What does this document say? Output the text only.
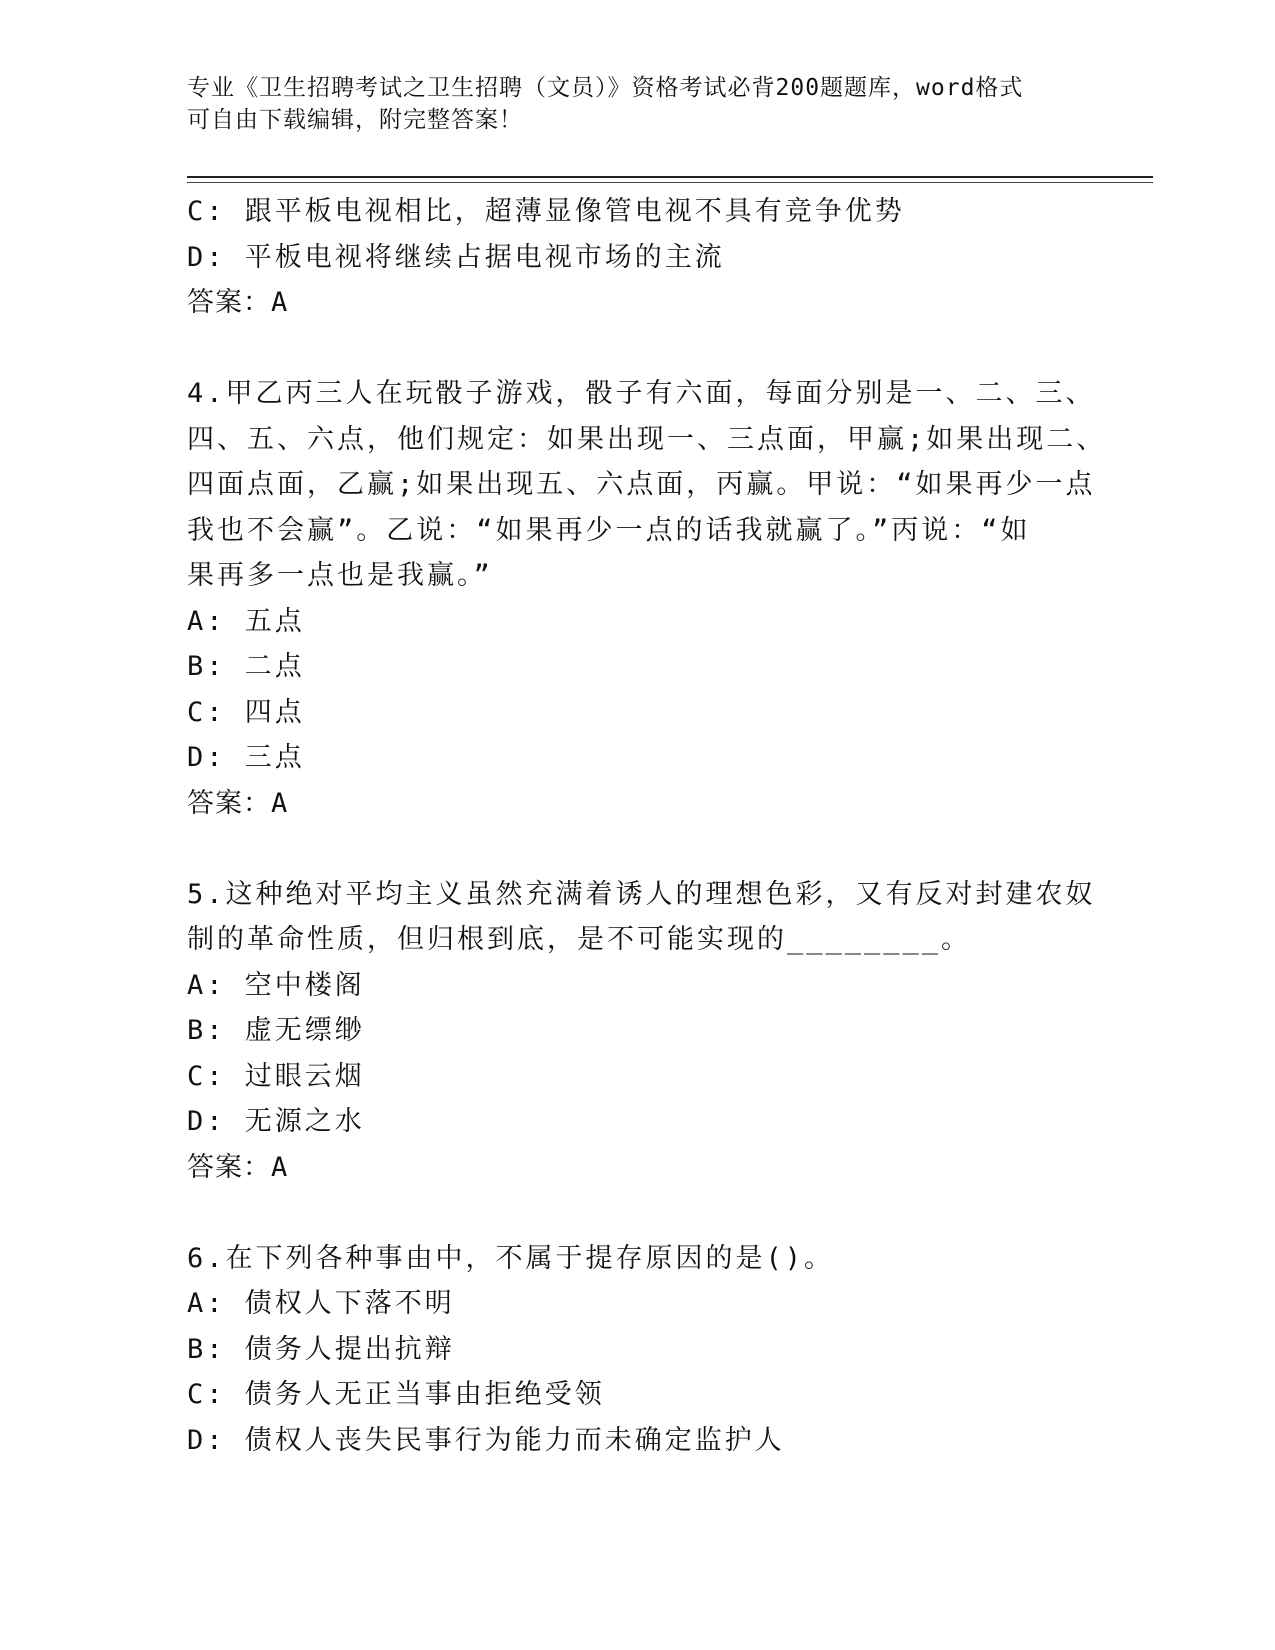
专业《卫生招聘考试之卫生招聘（文员）》资格考试必背200题题库，word格式
可自由下载编辑，附完整答案！
C: 跟平板电视相比，超薄显像管电视不具有竞争优势
D: 平板电视将继续占据电视市场的主流
答案：A
4.甲乙丙三人在玩骰子游戏，骰子有六面，每面分别是一、二、三、
四、五、六点，他们规定：如果出现一、三点面，甲赢;如果出现二、
四面点面，乙赢;如果出现五、六点面，丙赢。甲说：“如果再少一点
我也不会赢”。乙说：“如果再少一点的话我就赢了。”丙说：“如
果再多一点也是我赢。”
A: 五点
B: 二点
C: 四点
D: 三点
答案：A
5.这种绝对平均主义虽然充满着诱人的理想色彩，又有反对封建农奴
制的革命性质，但归根到底，是不可能实现的________。
A: 空中楼阁
B: 虚无缥缈
C: 过眼云烟
D: 无源之水
答案：A
6.在下列各种事由中，不属于提存原因的是()。
A: 债权人下落不明
B: 债务人提出抗辩
C: 债务人无正当事由拒绝受领
D: 债权人丧失民事行为能力而未确定监护人
